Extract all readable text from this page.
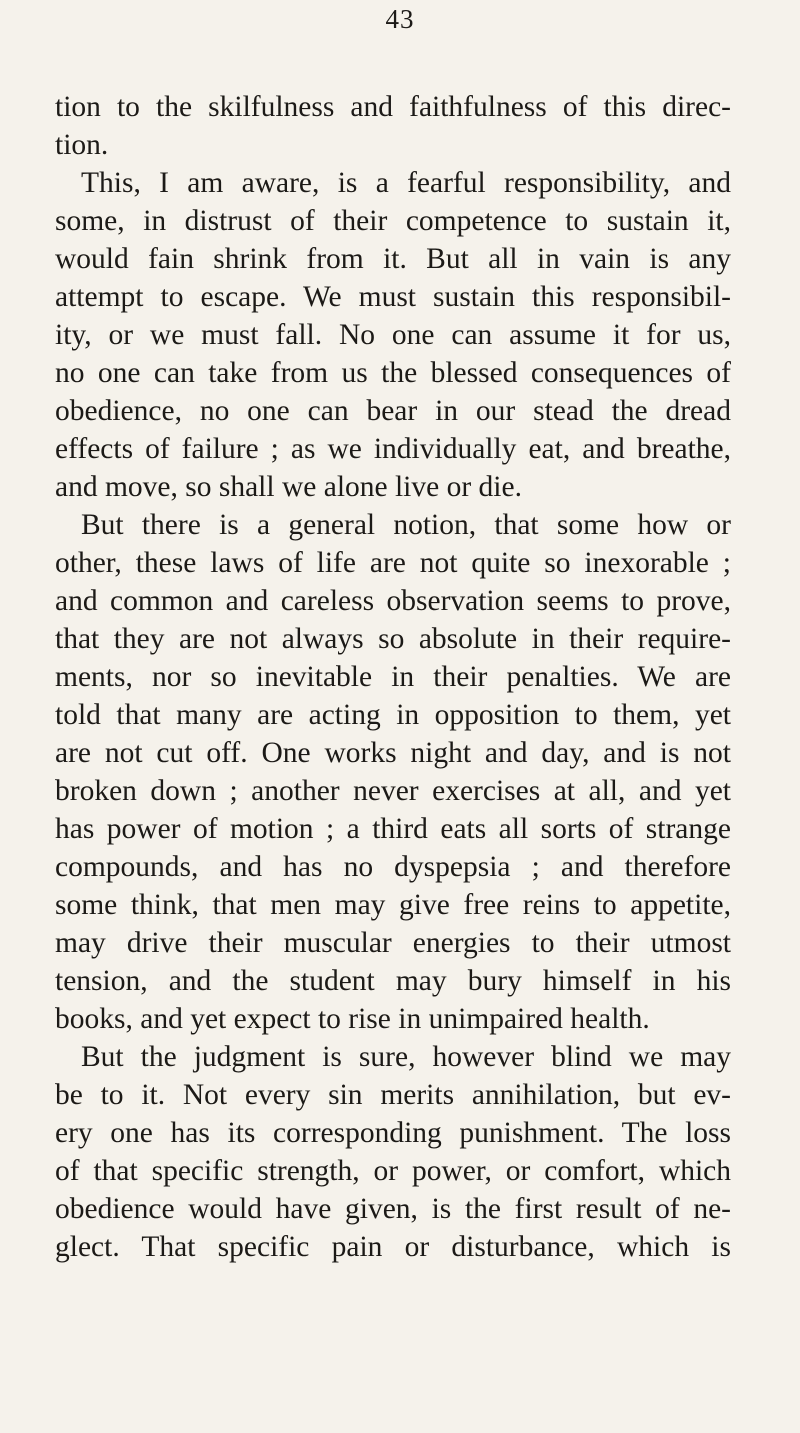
43
tion to the skilfulness and faithfulness of this direc-
tion.
This, I am aware, is a fearful responsibility, and
some, in distrust of their competence to sustain it,
would fain shrink from it. But all in vain is any
attempt to escape. We must sustain this responsibil-
ity, or we must fall. No one can assume it for us,
no one can take from us the blessed consequences of
obedience, no one can bear in our stead the dread
effects of failure ; as we individually eat, and breathe,
and move, so shall we alone live or die.
But there is a general notion, that some how or
other, these laws of life are not quite so inexorable ;
and common and careless observation seems to prove,
that they are not always so absolute in their require-
ments, nor so inevitable in their penalties. We are
told that many are acting in opposition to them, yet
are not cut off. One works night and day, and is not
broken down ; another never exercises at all, and yet
has power of motion ; a third eats all sorts of strange
compounds, and has no dyspepsia ; and therefore
some think, that men may give free reins to appetite,
may drive their muscular energies to their utmost
tension, and the student may bury himself in his
books, and yet expect to rise in unimpaired health.
But the judgment is sure, however blind we may
be to it. Not every sin merits annihilation, but ev-
ery one has its corresponding punishment. The loss
of that specific strength, or power, or comfort, which
obedience would have given, is the first result of ne-
glect. That specific pain or disturbance, which is
